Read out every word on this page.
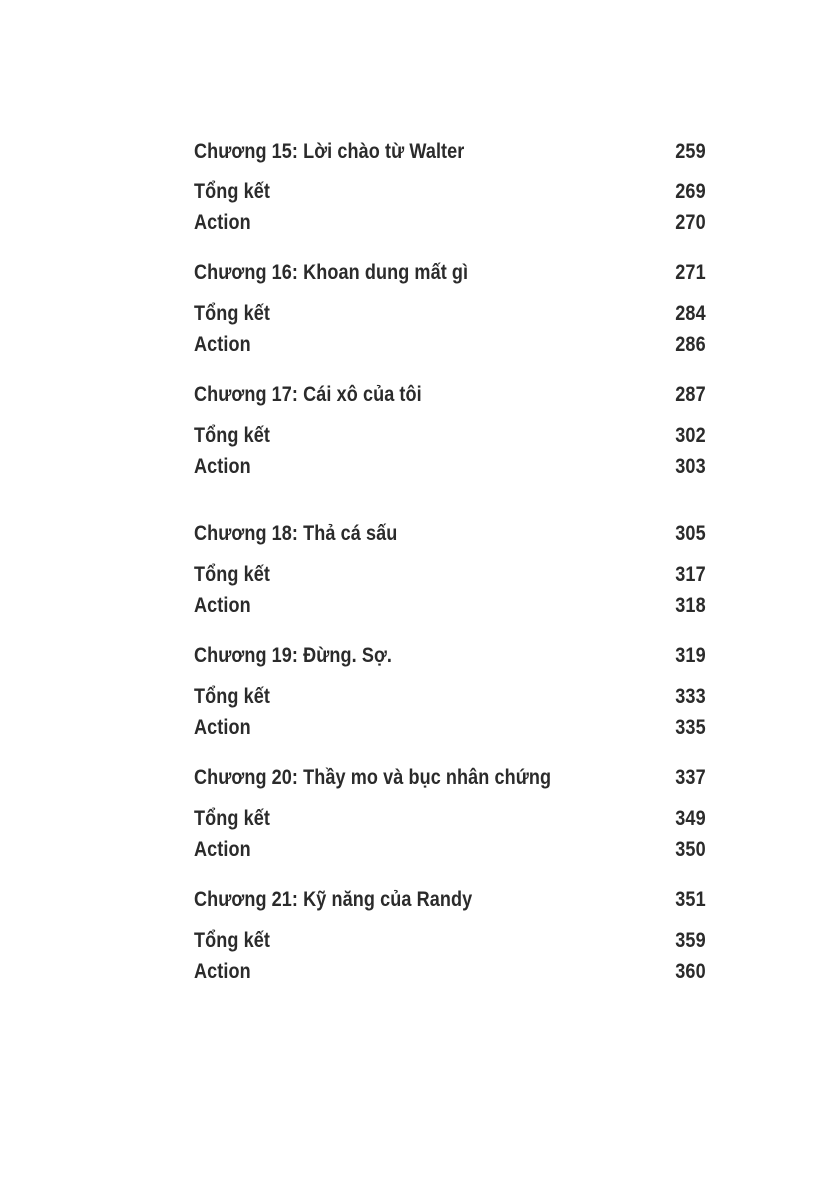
Chương 15: Lời chào từ Walter	259
Tổng kết	269
Action	270
Chương 16: Khoan dung mất gì	271
Tổng kết	284
Action	286
Chương 17: Cái xô của tôi	287
Tổng kết	302
Action	303
Chương 18: Thả cá sấu	305
Tổng kết	317
Action	318
Chương 19: Đừng. Sợ.	319
Tổng kết	333
Action	335
Chương 20: Thầy mo và bục nhân chứng	337
Tổng kết	349
Action	350
Chương 21: Kỹ năng của Randy	351
Tổng kết	359
Action	360
